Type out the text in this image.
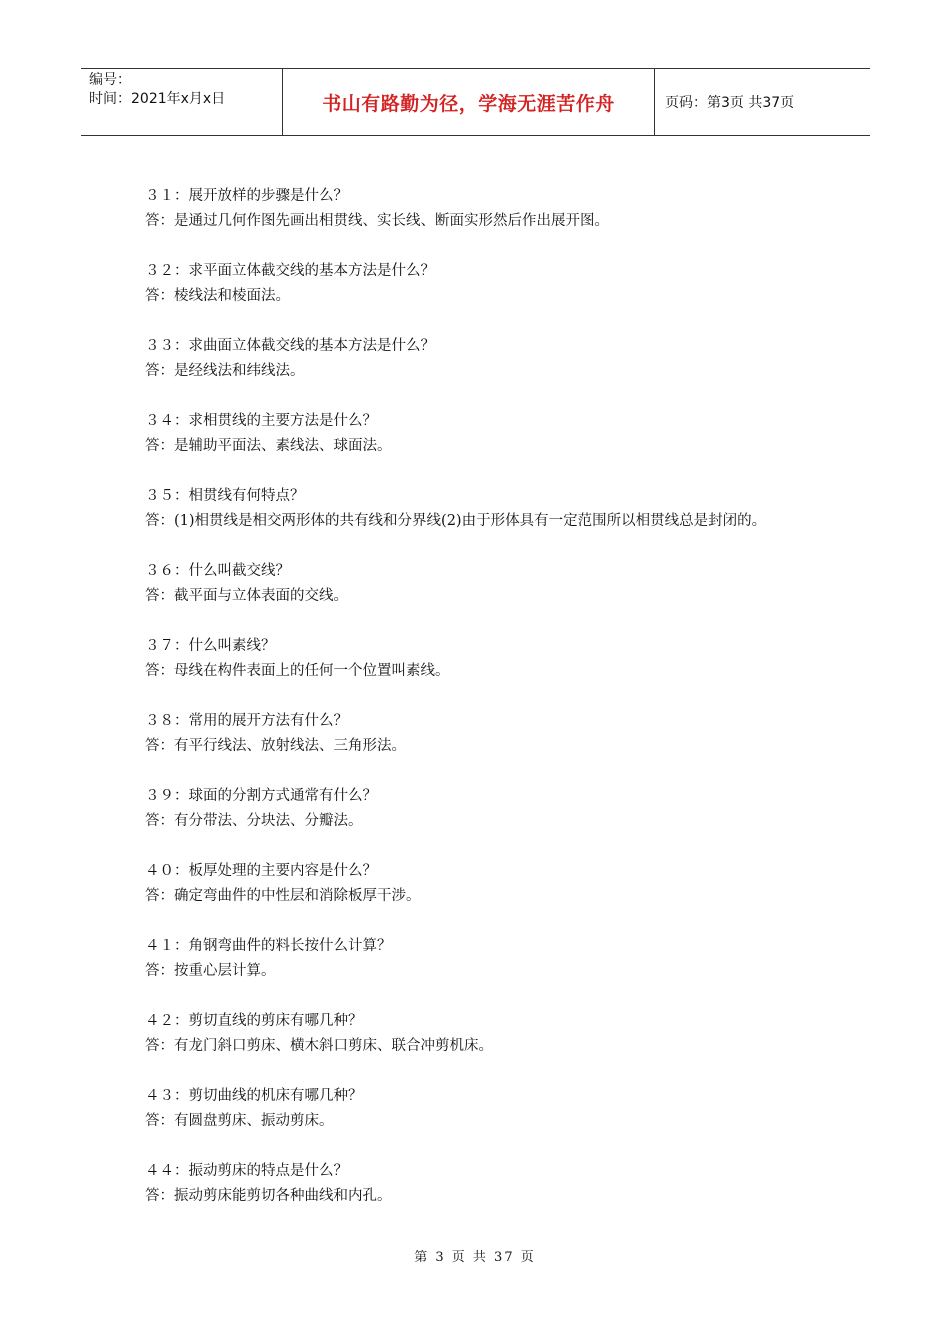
编号：
时间：2021年x月x日	书山有路勤为径，学海无涯苦作舟	页码：第3页 共37页

３１：展开放样的步骤是什么？

答：是通过几何作图先画出相贯线、实长线、断面实形然后作出展开图。

３２：求平面立体截交线的基本方法是什么？

答：棱线法和棱面法。

３３：求曲面立体截交线的基本方法是什么？

答：是经线法和纬线法。

３４：求相贯线的主要方法是什么？

答：是辅助平面法、素线法、球面法。

３５：相贯线有何特点？

答：(1)相贯线是相交两形体的共有线和分界线(2)由于形体具有一定范围所以相贯线总是封闭的。

３６：什么叫截交线？

答：截平面与立体表面的交线。

３７：什么叫素线？

答：母线在构件表面上的任何一个位置叫素线。

３８：常用的展开方法有什么？

答：有平行线法、放射线法、三角形法。

３９：球面的分割方式通常有什么？

答：有分带法、分块法、分瓣法。

４０：板厚处理的主要内容是什么？

答：确定弯曲件的中性层和消除板厚干涉。

４１：角钢弯曲件的料长按什么计算？

答：按重心层计算。

４２：剪切直线的剪床有哪几种？

答：有龙门斜口剪床、横木斜口剪床、联合冲剪机床。

４３：剪切曲线的机床有哪几种？

答：有圆盘剪床、振动剪床。

４４：振动剪床的特点是什么？

答：振动剪床能剪切各种曲线和内孔。

第 3 页 共 37 页
